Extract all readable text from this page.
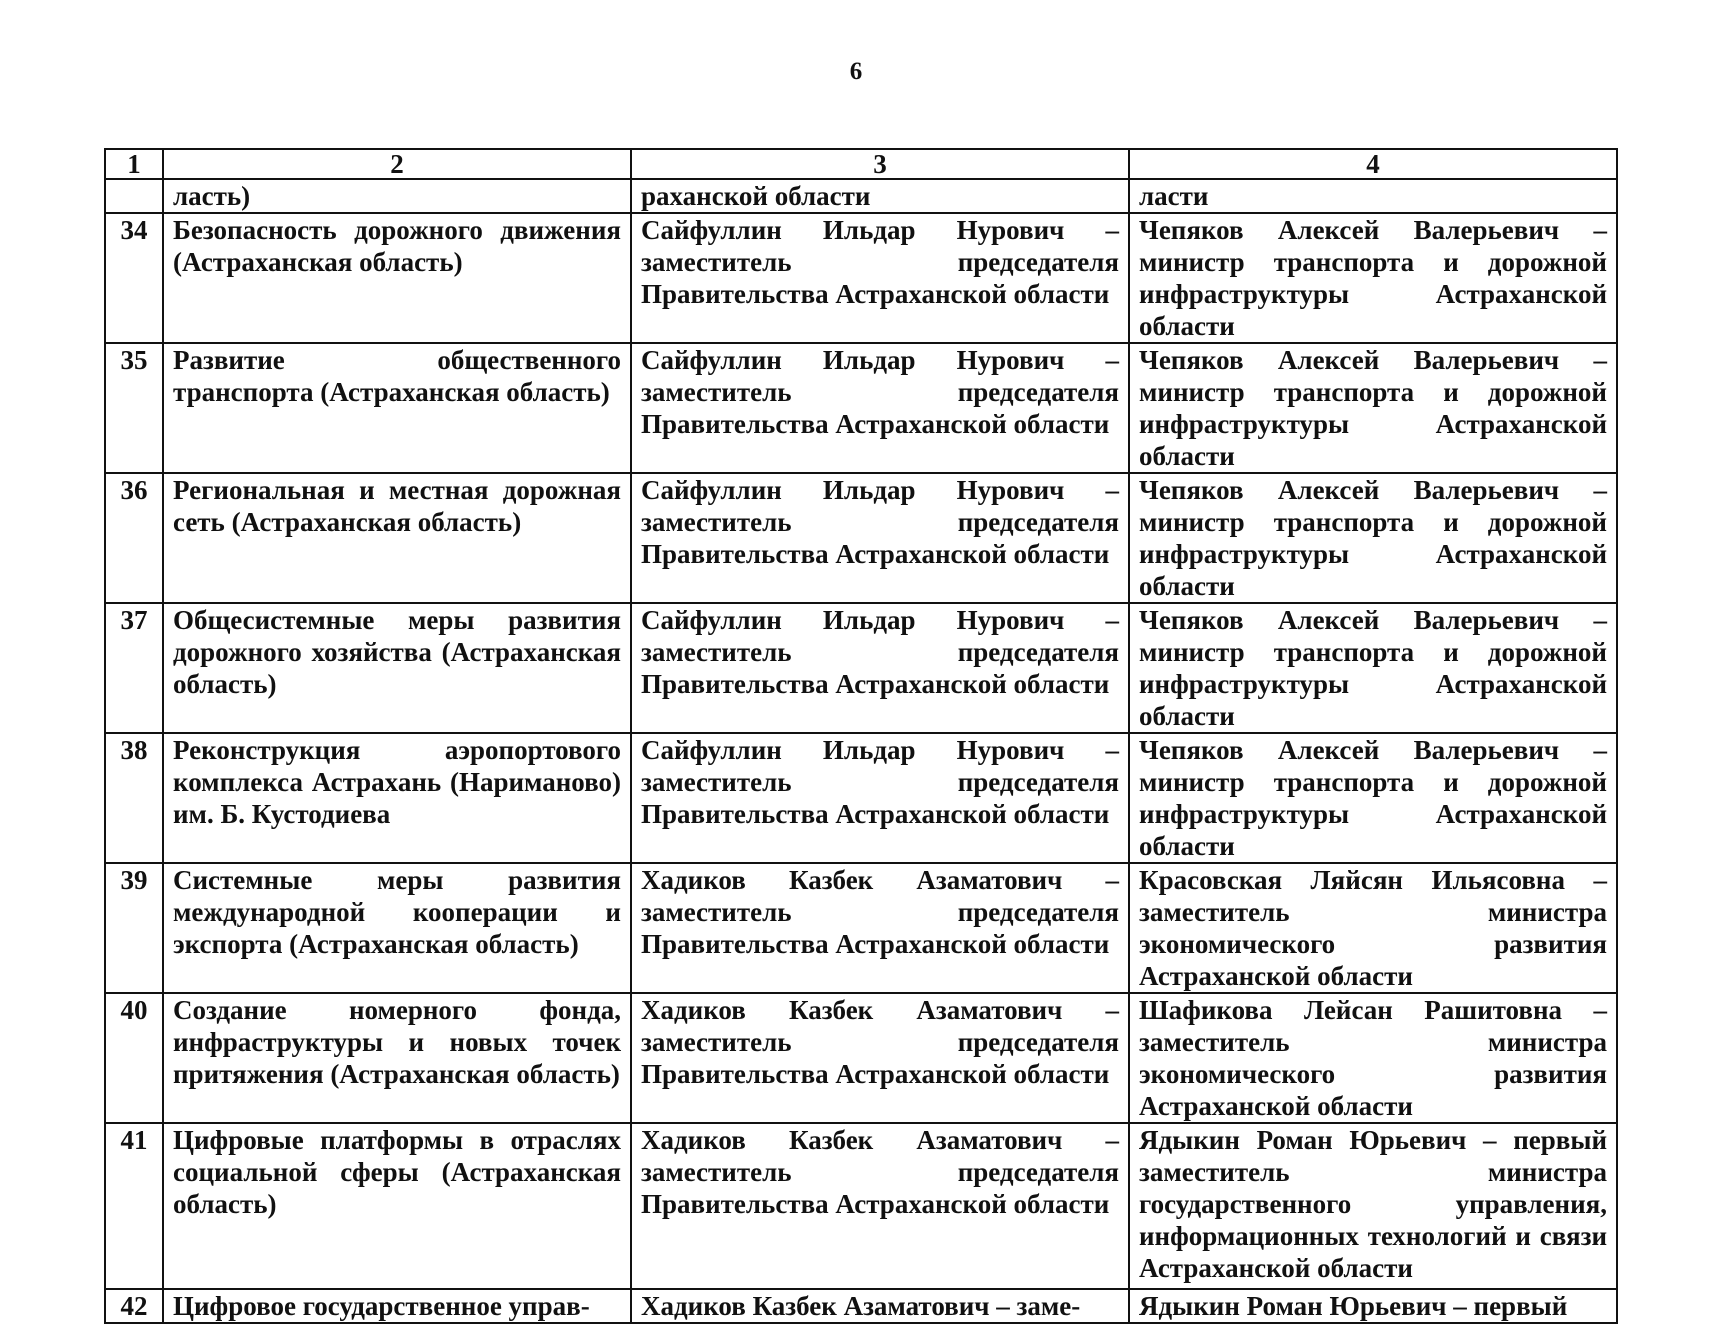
6
1	2	3	4
	ласть)	раханской области	ласти
34	Безопасность дорожного движения (Астраханская область)	Сайфуллин Ильдар Нурович – заместитель председателя Правительства Астраханской области	Чепяков Алексей Валерьевич – министр транспорта и дорожной инфраструктуры Астраханской области
35	Развитие общественного транспорта (Астраханская область)	Сайфуллин Ильдар Нурович – заместитель председателя Правительства Астраханской области	Чепяков Алексей Валерьевич – министр транспорта и дорожной инфраструктуры Астраханской области
36	Региональная и местная дорожная сеть (Астраханская область)	Сайфуллин Ильдар Нурович – заместитель председателя Правительства Астраханской области	Чепяков Алексей Валерьевич – министр транспорта и дорожной инфраструктуры Астраханской области
37	Общесистемные меры развития дорожного хозяйства (Астраханская область)	Сайфуллин Ильдар Нурович – заместитель председателя Правительства Астраханской области	Чепяков Алексей Валерьевич – министр транспорта и дорожной инфраструктуры Астраханской области
38	Реконструкция аэропортового комплекса Астрахань (Нариманово) им. Б. Кустодиева	Сайфуллин Ильдар Нурович – заместитель председателя Правительства Астраханской области	Чепяков Алексей Валерьевич – министр транспорта и дорожной инфраструктуры Астраханской области
39	Системные меры развития международной кооперации и экспорта (Астраханская область)	Хадиков Казбек Азаматович – заместитель председателя Правительства Астраханской области	Красовская Ляйсян Ильясовна – заместитель министра экономического развития Астраханской области
40	Создание номерного фонда, инфраструктуры и новых точек притяжения (Астраханская область)	Хадиков Казбек Азаматович – заместитель председателя Правительства Астраханской области	Шафикова Лейсан Рашитовна – заместитель министра экономического развития Астраханской области
41	Цифровые платформы в отраслях социальной сферы (Астраханская область)	Хадиков Казбек Азаматович – заместитель председателя Правительства Астраханской области	Ядыкин Роман Юрьевич – первый заместитель министра государственного управления, информационных технологий и связи Астраханской области
42	Цифровое государственное управ-	Хадиков Казбек Азаматович – заме-	Ядыкин Роман Юрьевич – первый
